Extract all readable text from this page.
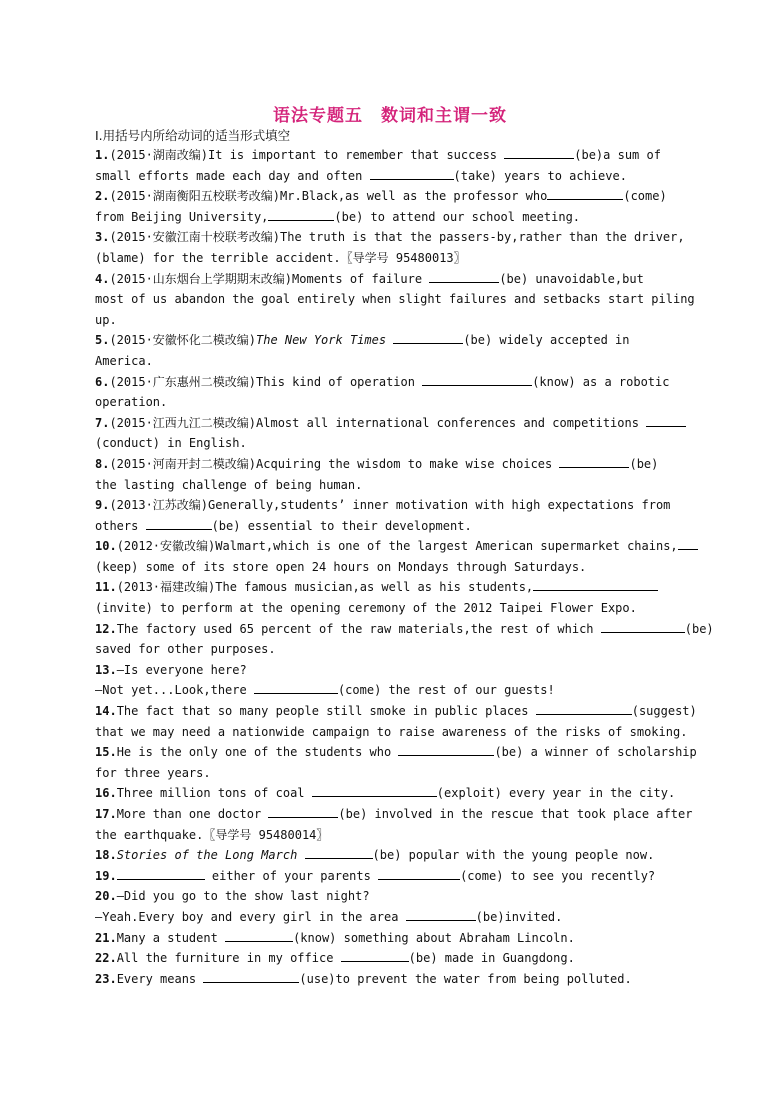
语法专题五　数词和主谓一致
Ⅰ.用括号内所给动词的适当形式填空
1.(2015·湖南改编)It is important to remember that success	(be)a sum of
small efforts made each day and often	(take) years to achieve.
2.(2015·湖南衡阳五校联考改编)Mr.Black,as well as the professor who	(come)
from Beijing University,	(be) to attend our school meeting.
3.(2015·安徽江南十校联考改编)The truth is that the passers-by,rather than the driver,
(blame) for the terrible accident.〖导学号 95480013〗
4.(2015·山东烟台上学期期末改编)Moments of failure	(be) unavoidable,but
most of us abandon the goal entirely when slight failures and setbacks start piling
up.
5.(2015·安徽怀化二模改编)The New York Times	(be) widely accepted in
America.
6.(2015·广东惠州二模改编)This kind of operation	(know) as a robotic
operation.
7.(2015·江西九江二模改编)Almost all international conferences and competitions
(conduct) in English.
8.(2015·河南开封二模改编)Acquiring the wisdom to make wise choices	(be)
the lasting challenge of being human.
9.(2013·江苏改编)Generally,students’ inner motivation with high expectations from
others	(be) essential to their development.
10.(2012·安徽改编)Walmart,which is one of the largest American supermarket chains,
(keep) some of its store open 24 hours on Mondays through Saturdays.
11.(2013·福建改编)The famous musician,as well as his students,
(invite) to perform at the opening ceremony of the 2012 Taipei Flower Expo.
12.The factory used 65 percent of the raw materials,the rest of which	(be)
saved for other purposes.
13.—Is everyone here?
—Not yet...Look,there	(come) the rest of our guests!
14.The fact that so many people still smoke in public places	(suggest)
that we may need a nationwide campaign to raise awareness of the risks of smoking.
15.He is the only one of the students who	(be) a winner of scholarship
for three years.
16.Three million tons of coal	(exploit) every year in the city.
17.More than one doctor	(be) involved in the rescue that took place after
the earthquake.〖导学号 95480014〗
18.Stories of the Long March	(be) popular with the young people now.
19.	either of your parents	(come) to see you recently?
20.—Did you go to the show last night?
—Yeah.Every boy and every girl in the area	(be)invited.
21.Many a student	(know) something about Abraham Lincoln.
22.All the furniture in my office	(be) made in Guangdong.
23.Every means	(use)to prevent the water from being polluted.
